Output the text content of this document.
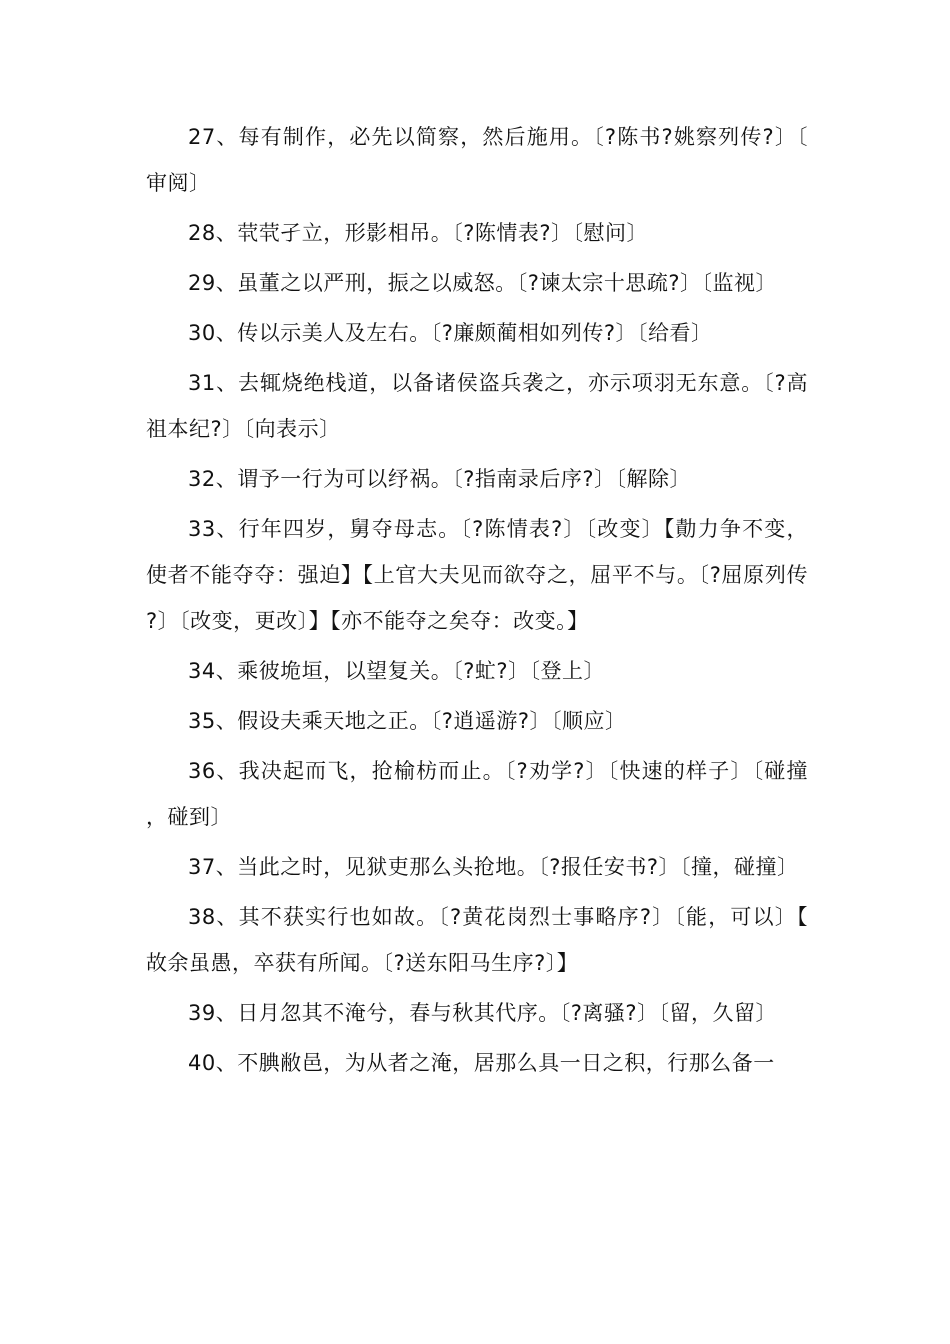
27、每有制作，必先以简察，然后施用。〔?陈书?姚察列传?〕〔审阅〕

28、茕茕孑立，形影相吊。〔?陈情表?〕〔慰问〕

29、虽董之以严刑，振之以威怒。〔?谏太宗十思疏?〕〔监视〕

30、传以示美人及左右。〔?廉颇蔺相如列传?〕〔给看〕

31、去辄烧绝栈道，以备诸侯盗兵袭之，亦示项羽无东意。〔?高祖本纪?〕〔向表示〕

32、谓予一行为可以纾祸。〔?指南录后序?〕〔解除〕

33、行年四岁，舅夺母志。〔?陈情表?〕〔改变〕【勣力争不变，使者不能夺夺：强迫】【上官大夫见而欲夺之，屈平不与。〔?屈原列传?〕〔改变，更改〕】【亦不能夺之矣夺：改变。】

34、乘彼垝垣，以望复关。〔?虻?〕〔登上〕

35、假设夫乘天地之正。〔?逍遥游?〕〔顺应〕

36、我决起而飞，抢榆枋而止。〔?劝学?〕〔快速的样子〕〔碰撞，碰到〕

37、当此之时，见狱吏那么头抢地。〔?报任安书?〕〔撞，碰撞〕

38、其不获实行也如故。〔?黄花岗烈士事略序?〕〔能，可以〕【故余虽愚，卒获有所闻。〔?送东阳马生序?〕】

39、日月忽其不淹兮，春与秋其代序。〔?离骚?〕〔留，久留〕

40、不腆敝邑，为从者之淹，居那么具一日之积，行那么备一
